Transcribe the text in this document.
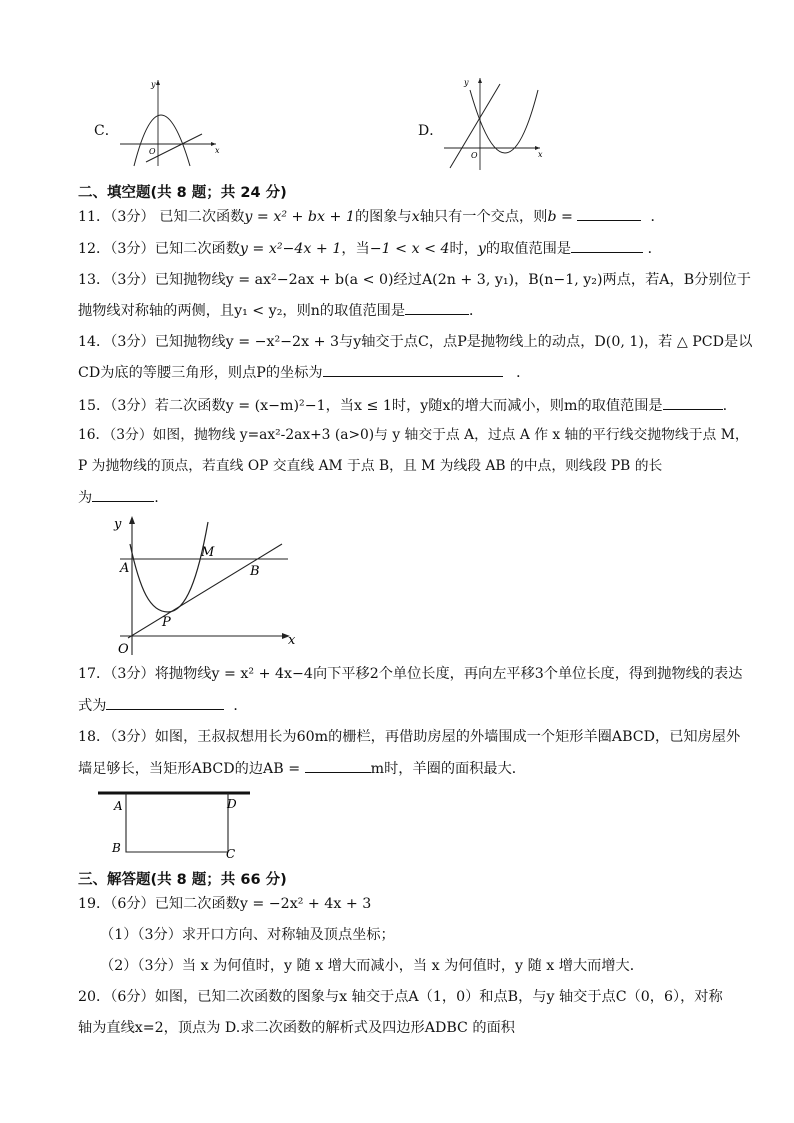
C．
y
x
O
D．
y
x
O
二、填空题(共 8 题；共 24 分)
11．（3分） 已知二次函数y = x² + bx + 1的图象与x轴只有一个交点，则b =	．
12．（3分）已知二次函数y = x²−4x + 1，当−1 < x < 4时，y的取值范围是	．
13．（3分）已知抛物线y = ax²−2ax + b(a < 0)经过A(2n + 3, y₁)，B(n−1, y₂)两点，若A，B分别位于
抛物线对称轴的两侧，且y₁ < y₂，则n的取值范围是	．
14．（3分）已知抛物线y = −x²−2x + 3与y轴交于点C，点P是抛物线上的动点，D(0, 1)，若 △ PCD是以
CD为底的等腰三角形，则点P的坐标为	．
15．（3分）若二次函数y = (x−m)²−1，当x ≤ 1时，y随x的增大而减小，则m的取值范围是	.
16．（3分）如图，抛物线 y=ax²-2ax+3 (a>0)与 y 轴交于点 A，过点 A 作 x 轴的平行线交抛物线于点 M，
P 为抛物线的顶点，若直线 OP 交直线 AM 于点 B，且 M 为线段 AB 的中点，则线段 PB 的长
为	.
y
x
A
M
B
P
O
17．（3分）将抛物线y = x² + 4x−4向下平移2个单位长度，再向左平移3个单位长度，得到抛物线的表达
式为	．
18．（3分）如图，王叔叔想用长为60m的栅栏，再借助房屋的外墙围成一个矩形羊圈ABCD，已知房屋外
墙足够长，当矩形ABCD的边AB =	m时，羊圈的面积最大．
A
B
D
C
三、解答题(共 8 题；共 66 分)
19．（6分）已知二次函数y = −2x² + 4x + 3
（1）（3分）求开口方向、对称轴及顶点坐标；
（2）（3分）当 x 为何值时，y 随 x 增大而减小，当 x 为何值时，y 随 x 增大而增大．
20．（6分）如图，已知二次函数的图象与x 轴交于点A（1，0）和点B，与y 轴交于点C（0，6），对称
轴为直线x=2，顶点为 D.求二次函数的解析式及四边形ADBC 的面积
